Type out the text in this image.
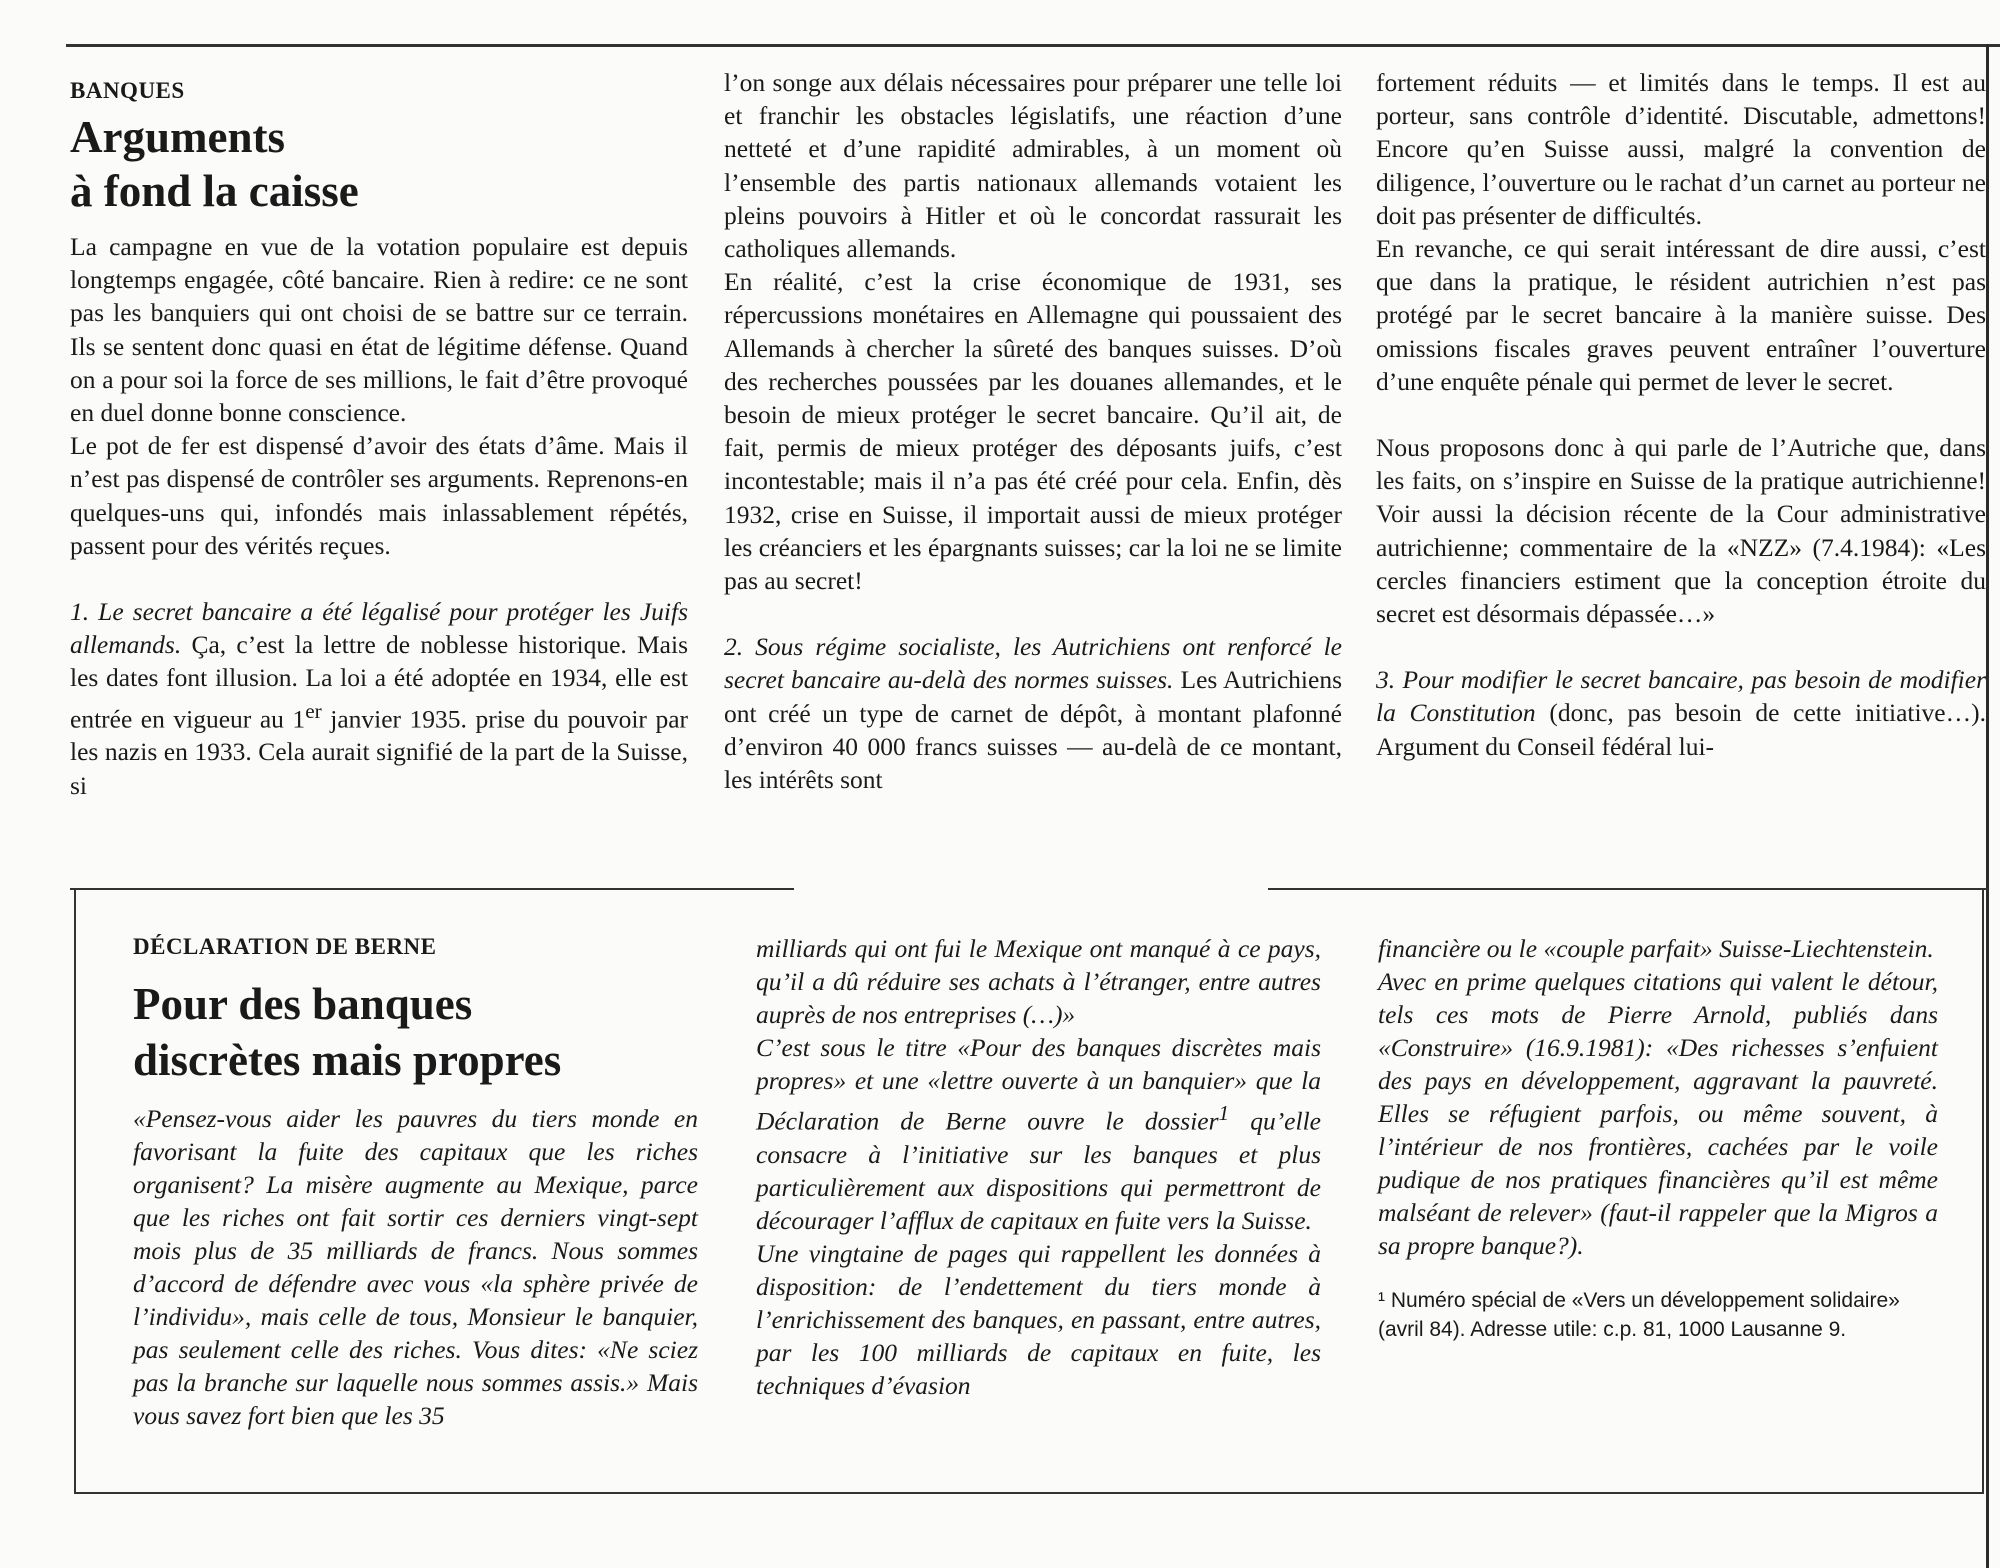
BANQUES
Arguments
à fond la caisse

La campagne en vue de la votation populaire est depuis longtemps engagée, côté bancaire. Rien à redire: ce ne sont pas les banquiers qui ont choisi de se battre sur ce terrain. Ils se sentent donc quasi en état de légitime défense. Quand on a pour soi la force de ses millions, le fait d’être provoqué en duel donne bonne conscience.

Le pot de fer est dispensé d’avoir des états d’âme. Mais il n’est pas dispensé de contrôler ses arguments. Reprenons-en quelques-uns qui, infondés mais inlassablement répétés, passent pour des vérités reçues.

1. Le secret bancaire a été légalisé pour protéger les Juifs allemands. Ça, c’est la lettre de noblesse historique. Mais les dates font illusion. La loi a été adoptée en 1934, elle est entrée en vigueur au 1er janvier 1935. prise du pouvoir par les nazis en 1933. Cela aurait signifié de la part de la Suisse, si

l’on songe aux délais nécessaires pour préparer une telle loi et franchir les obstacles législatifs, une réaction d’une netteté et d’une rapidité admirables, à un moment où l’ensemble des partis nationaux allemands votaient les pleins pouvoirs à Hitler et où le concordat rassurait les catholiques allemands.

En réalité, c’est la crise économique de 1931, ses répercussions monétaires en Allemagne qui poussaient des Allemands à chercher la sûreté des banques suisses. D’où des recherches poussées par les douanes allemandes, et le besoin de mieux protéger le secret bancaire. Qu’il ait, de fait, permis de mieux protéger des déposants juifs, c’est incontestable; mais il n’a pas été créé pour cela. Enfin, dès 1932, crise en Suisse, il importait aussi de mieux protéger les créanciers et les épargnants suisses; car la loi ne se limite pas au secret!

2. Sous régime socialiste, les Autrichiens ont renforcé le secret bancaire au-delà des normes suisses. Les Autrichiens ont créé un type de carnet de dépôt, à montant plafonné d’environ 40 000 francs suisses — au-delà de ce montant, les intérêts sont

fortement réduits — et limités dans le temps. Il est au porteur, sans contrôle d’identité. Discutable, admettons! Encore qu’en Suisse aussi, malgré la convention de diligence, l’ouverture ou le rachat d’un carnet au porteur ne doit pas présenter de difficultés.

En revanche, ce qui serait intéressant de dire aussi, c’est que dans la pratique, le résident autrichien n’est pas protégé par le secret bancaire à la manière suisse. Des omissions fiscales graves peuvent entraîner l’ouverture d’une enquête pénale qui permet de lever le secret.

Nous proposons donc à qui parle de l’Autriche que, dans les faits, on s’inspire en Suisse de la pratique autrichienne! Voir aussi la décision récente de la Cour administrative autrichienne; commentaire de la «NZZ» (7.4.1984): «Les cercles financiers estiment que la conception étroite du secret est désormais dépassée…»

3. Pour modifier le secret bancaire, pas besoin de modifier la Constitution (donc, pas besoin de cette initiative…). Argument du Conseil fédéral lui-

DÉCLARATION DE BERNE
Pour des banques
discrètes mais propres

«Pensez-vous aider les pauvres du tiers monde en favorisant la fuite des capitaux que les riches organisent? La misère augmente au Mexique, parce que les riches ont fait sortir ces derniers vingt-sept mois plus de 35 milliards de francs. Nous sommes d’accord de défendre avec vous «la sphère privée de l’individu», mais celle de tous, Monsieur le banquier, pas seulement celle des riches. Vous dites: «Ne sciez pas la branche sur laquelle nous sommes assis.» Mais vous savez fort bien que les 35

milliards qui ont fui le Mexique ont manqué à ce pays, qu’il a dû réduire ses achats à l’étranger, entre autres auprès de nos entreprises (…)»

C’est sous le titre «Pour des banques discrètes mais propres» et une «lettre ouverte à un banquier» que la Déclaration de Berne ouvre le dossier$^1$ qu’elle consacre à l’initiative sur les banques et plus particulièrement aux dispositions qui permettront de décourager l’afflux de capitaux en fuite vers la Suisse.

Une vingtaine de pages qui rappellent les données à disposition: de l’endettement du tiers monde à l’enrichissement des banques, en passant, entre autres, par les 100 milliards de capitaux en fuite, les techniques d’évasion

financière ou le «couple parfait» Suisse-Liechtenstein.

Avec en prime quelques citations qui valent le détour, tels ces mots de Pierre Arnold, publiés dans «Construire» (16.9.1981): «Des richesses s’enfuient des pays en développement, aggravant la pauvreté. Elles se réfugient parfois, ou même souvent, à l’intérieur de nos frontières, cachées par le voile pudique de nos pratiques financières qu’il est même malséant de relever» (faut-il rappeler que la Migros a sa propre banque?).

¹ Numéro spécial de «Vers un développement solidaire» (avril 84). Adresse utile: c.p. 81, 1000 Lausanne 9.
